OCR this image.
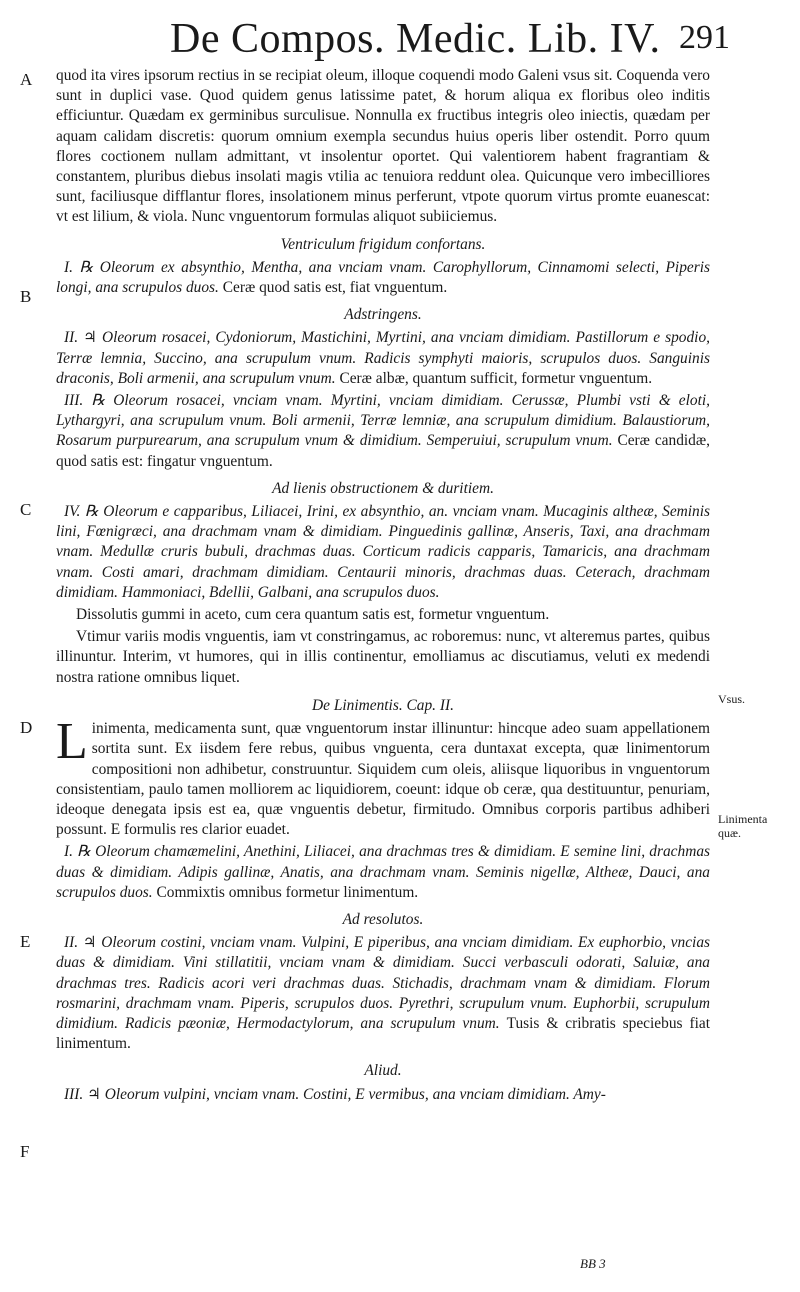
De Compos. Medic. Lib. IV. 291
A
B
C
D
E
F
Vsus.
Linimenta quæ.

quod ita vires ipsorum rectius in se recipiat oleum, illoque coquendi modo Galeni vsus sit. Coquenda vero sunt in duplici vase. Quod quidem genus latissime patet, & horum aliqua ex floribus oleo inditis efficiuntur. Quædam ex germinibus surculisue. Nonnulla ex fructibus integris oleo iniectis, quædam per aquam calidam discretis: quorum omnium exempla secundus huius operis liber ostendit. Porro quum flores coctionem nullam admittant, vt insolentur oportet. Qui valentiorem habent fragrantiam & constantem, pluribus diebus insolati magis vtilia ac tenuiora reddunt olea. Quicunque vero imbecilliores sunt, faciliusque difflantur flores, insolationem minus perferunt, vtpote quorum virtus promte euanescat: vt est lilium, & viola. Nunc vnguentorum formulas aliquot subiiciemus.

Ventriculum frigidum confortans.

I. ℞ Oleorum ex absynthio, Mentha, ana vnciam vnam. Carophyllorum, Cinnamomi selecti, Piperis longi, ana scrupulos duos. Ceræ quod satis est, fiat vnguentum.

Adstringens.

II. ♃ Oleorum rosacei, Cydoniorum, Mastichini, Myrtini, ana vnciam dimidiam. Pastillorum e spodio, Terræ lemnia, Succino, ana scrupulum vnum. Radicis symphyti maioris, scrupulos duos. Sanguinis draconis, Boli armenii, ana scrupulum vnum. Ceræ albæ, quantum sufficit, formetur vnguentum.

III. ℞ Oleorum rosacei, vnciam vnam. Myrtini, vnciam dimidiam. Cerussæ, Plumbi vsti & eloti, Lythargyri, ana scrupulum vnum. Boli armenii, Terræ lemniæ, ana scrupulum dimidium. Balaustiorum, Rosarum purpurearum, ana scrupulum vnum & dimidium. Semperuiui, scrupulum vnum. Ceræ candidæ, quod satis est: fingatur vnguentum.

Ad lienis obstructionem & duritiem.

IV. ℞ Oleorum e capparibus, Liliacei, Irini, ex absynthio, an. vnciam vnam. Mucaginis altheæ, Seminis lini, Fœnigræci, ana drachmam vnam & dimidiam. Pinguedinis gallinæ, Anseris, Taxi, ana drachmam vnam. Medullæ cruris bubuli, drachmas duas. Corticum radicis capparis, Tamaricis, ana drachmam vnam. Costi amari, drachmam dimidiam. Centaurii minoris, drachmas duas. Ceterach, drachmam dimidiam. Hammoniaci, Bdellii, Galbani, ana scrupulos duos.

Dissolutis gummi in aceto, cum cera quantum satis est, formetur vnguentum.

Vtimur variis modis vnguentis, iam vt constringamus, ac roboremus: nunc, vt alteremus partes, quibus illinuntur. Interim, vt humores, qui in illis continentur, emolliamus ac discutiamus, veluti ex medendi nostra ratione omnibus liquet.

De Linimentis. Cap. II.

Linimenta, medicamenta sunt, quæ vnguentorum instar illinuntur: hincque adeo suam appellationem sortita sunt. Ex iisdem fere rebus, quibus vnguenta, cera duntaxat excepta, quæ linimentorum compositioni non adhibetur, construuntur. Siquidem cum oleis, aliisque liquoribus in vnguentorum consistentiam, paulo tamen molliorem ac liquidiorem, coeunt: idque ob ceræ, qua destituuntur, penuriam, ideoque denegata ipsis est ea, quæ vnguentis debetur, firmitudo. Omnibus corporis partibus adhiberi possunt. E formulis res clarior euadet.

I. ℞ Oleorum chamæmelini, Anethini, Liliacei, ana drachmas tres & dimidiam. E semine lini, drachmas duas & dimidiam. Adipis gallinæ, Anatis, ana drachmam vnam. Seminis nigellæ, Altheæ, Dauci, ana scrupulos duos. Commixtis omnibus formetur linimentum.

Ad resolutos.

II. ♃ Oleorum costini, vnciam vnam. Vulpini, E piperibus, ana vnciam dimidiam. Ex euphorbio, vncias duas & dimidiam. Vini stillatitii, vnciam vnam & dimidiam. Succi verbasculi odorati, Saluiæ, ana drachmas tres. Radicis acori veri drachmas duas. Stichadis, drachmam vnam & dimidiam. Florum rosmarini, drachmam vnam. Piperis, scrupulos duos. Pyrethri, scrupulum vnum. Euphorbii, scrupulum dimidium. Radicis pæoniæ, Hermodactylorum, ana scrupulum vnum. Tusis & cribratis speciebus fiat linimentum.

Aliud.

III. ♃ Oleorum vulpini, vnciam vnam. Costini, E vermibus, ana vnciam dimidiam. Amy-

BB 3
